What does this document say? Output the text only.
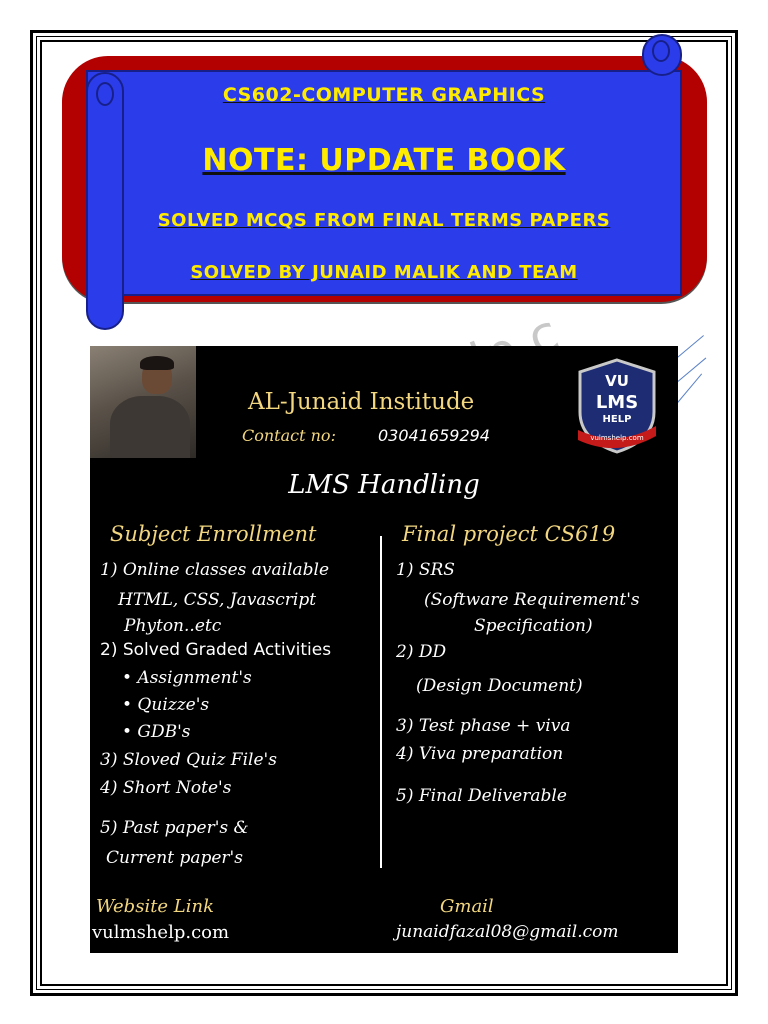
CS602-COMPUTER GRAPHICS
NOTE: UPDATE BOOK
SOLVED MCQS FROM FINAL TERMS PAPERS
SOLVED BY JUNAID MALIK AND TEAM
VU
LMS
HELP
vulmshelp.com
AL-Junaid Institude
Contact no:	03041659294
LMS Handling
Subject Enrollment	Final project CS619
1) Online classes available
HTML, CSS, Javascript
Phyton..etc
2) Solved Graded Activities
• Assignment's
• Quizze's
• GDB's
3) Sloved Quiz File's
4) Short Note's
5) Past paper's &
Current paper's
1) SRS
(Software Requirement's
Specification)
2) DD
(Design Document)
3) Test phase + viva
4) Viva preparation
5) Final Deliverable
Website Link
vulmshelp.com
Gmail
junaidfazal08@gmail.com
